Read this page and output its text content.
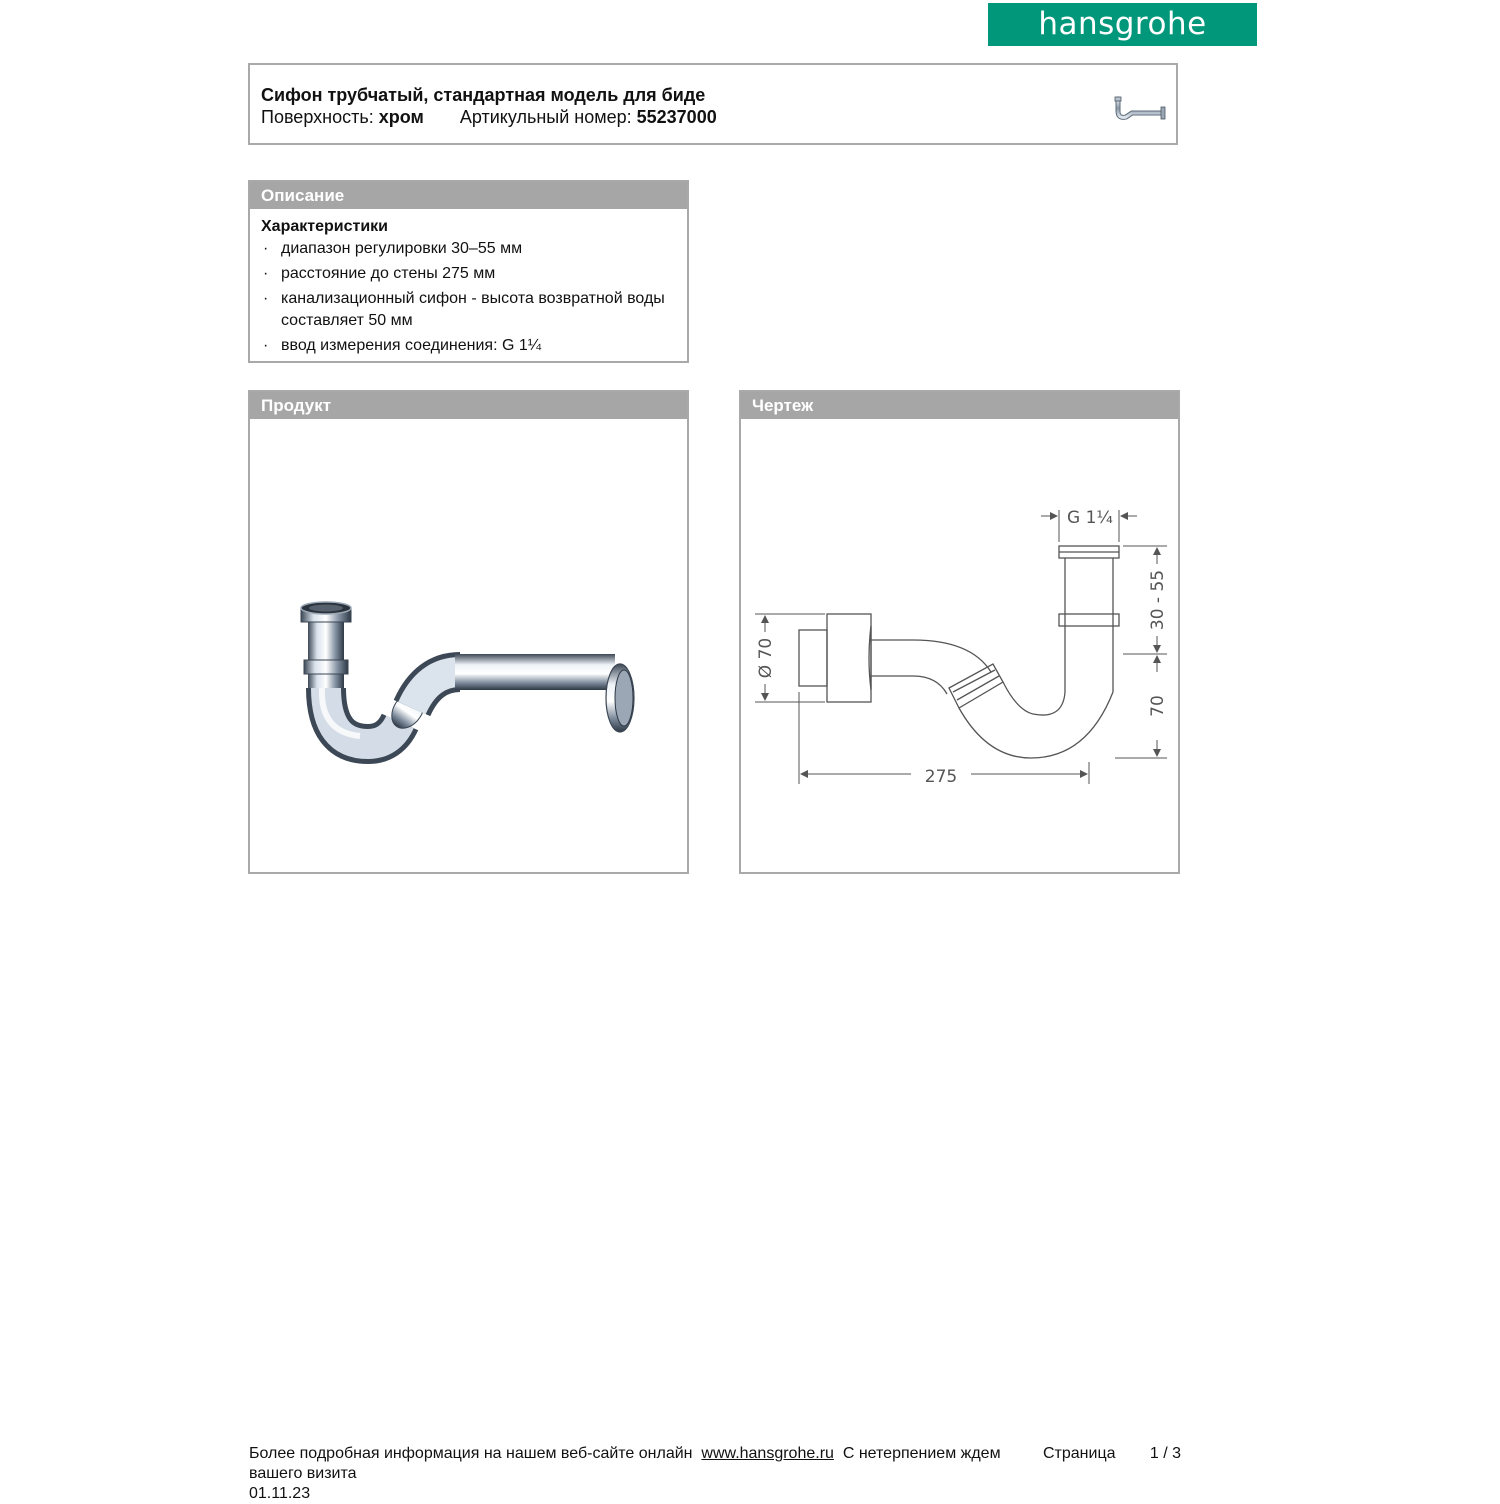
hansgrohe
Сифон трубчатый, стандартная модель для биде
Поверхность: хром Артикульный номер: 55237000
Описание
Характеристики
· диапазон регулировки 30–55 мм
· расстояние до стены 275 мм
· канализационный сифон - высота возвратной воды составляет 50 мм
· ввод измерения соединения: G 1¼
Продукт	Чертеж
G 1¼
30 - 55
70
Ø 70
275
Более подробная информация на нашем веб-сайте онлайн www.hansgrohe.ru С нетерпением ждем	Страница 1 / 3
вашего визита
01.11.23
